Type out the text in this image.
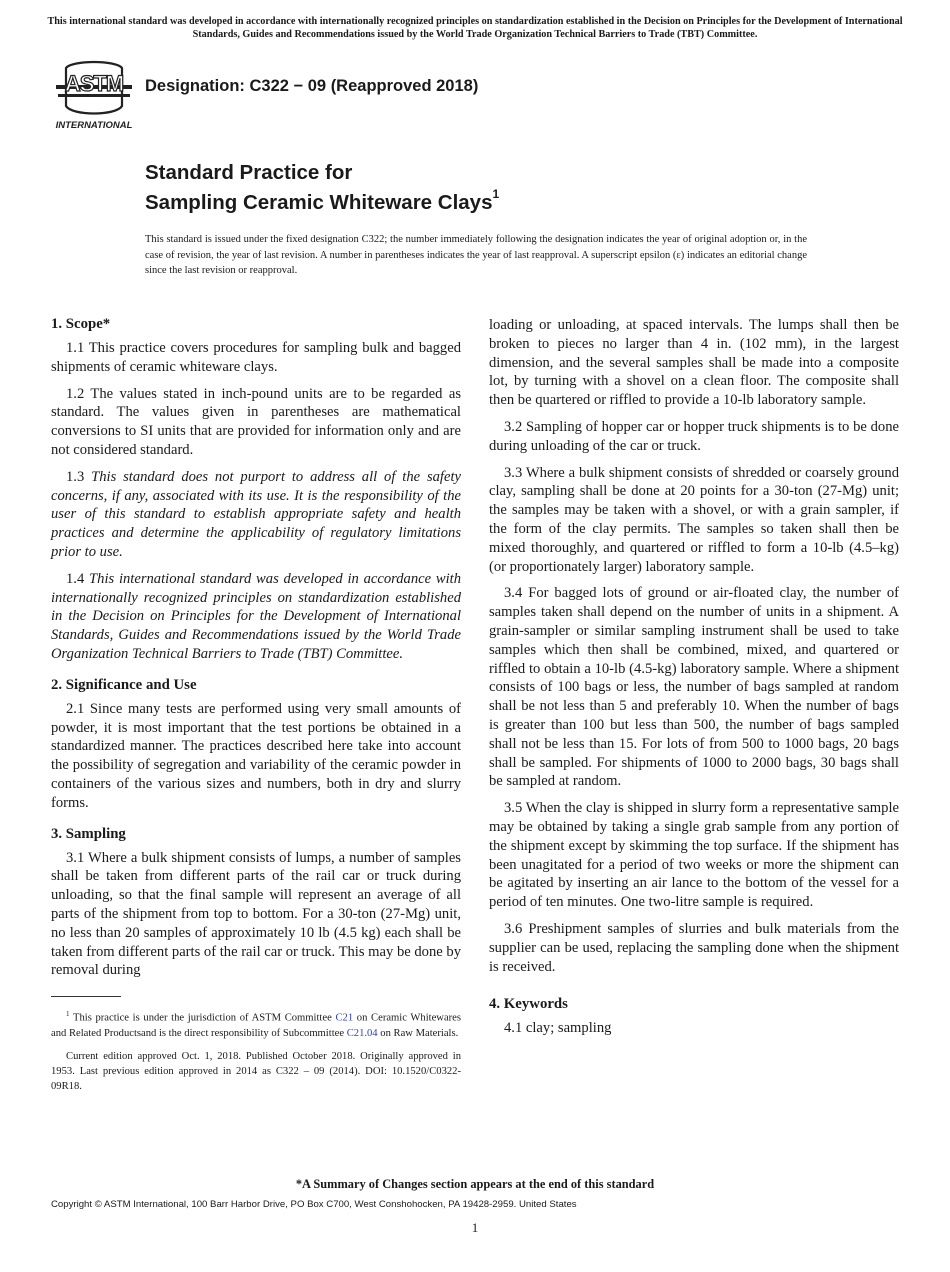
This international standard was developed in accordance with internationally recognized principles on standardization established in the Decision on Principles for the Development of International Standards, Guides and Recommendations issued by the World Trade Organization Technical Barriers to Trade (TBT) Committee.
ASTM
INTERNATIONAL
Designation: C322 − 09 (Reapproved 2018)
Standard Practice for
Sampling Ceramic Whiteware Clays$^1$
This standard is issued under the fixed designation C322; the number immediately following the designation indicates the year of original adoption or, in the case of revision, the year of last revision. A number in parentheses indicates the year of last reapproval. A superscript epsilon (ε) indicates an editorial change since the last revision or reapproval.
1. Scope*

1.1 This practice covers procedures for sampling bulk and bagged shipments of ceramic whiteware clays.

1.2 The values stated in inch-pound units are to be regarded as standard. The values given in parentheses are mathematical conversions to SI units that are provided for information only and are not considered standard.

1.3 This standard does not purport to address all of the safety concerns, if any, associated with its use. It is the responsibility of the user of this standard to establish appropriate safety and health practices and determine the applicability of regulatory limitations prior to use.

1.4 This international standard was developed in accordance with internationally recognized principles on standardization established in the Decision on Principles for the Development of International Standards, Guides and Recommendations issued by the World Trade Organization Technical Barriers to Trade (TBT) Committee.

2. Significance and Use

2.1 Since many tests are performed using very small amounts of powder, it is most important that the test portions be obtained in a standardized manner. The practices described here take into account the possibility of segregation and variability of the ceramic powder in containers of the various sizes and numbers, both in dry and slurry forms.

3. Sampling

3.1 Where a bulk shipment consists of lumps, a number of samples shall be taken from different parts of the rail car or truck during unloading, so that the final sample will represent an average of all parts of the shipment from top to bottom. For a 30-ton (27-Mg) unit, no less than 20 samples of approximately 10 lb (4.5 kg) each shall be taken from different parts of the rail car or truck. This may be done by removal during

$^1$ This practice is under the jurisdiction of ASTM Committee C21 on Ceramic Whitewares and Related Productsand is the direct responsibility of Subcommittee C21.04 on Raw Materials.

Current edition approved Oct. 1, 2018. Published October 2018. Originally approved in 1953. Last previous edition approved in 2014 as C322 – 09 (2014). DOI: 10.1520/C0322-09R18.

loading or unloading, at spaced intervals. The lumps shall then be broken to pieces no larger than 4 in. (102 mm), in the largest dimension, and the several samples shall be made into a composite lot, by turning with a shovel on a clean floor. The composite shall then be quartered or riffled to provide a 10-lb laboratory sample.

3.2 Sampling of hopper car or hopper truck shipments is to be done during unloading of the car or truck.

3.3 Where a bulk shipment consists of shredded or coarsely ground clay, sampling shall be done at 20 points for a 30-ton (27-Mg) unit; the samples may be taken with a shovel, or with a grain sampler, if the form of the clay permits. The samples so taken shall then be mixed thoroughly, and quartered or riffled to form a 10-lb (4.5–kg) (or proportionately larger) laboratory sample.

3.4 For bagged lots of ground or air-floated clay, the number of samples taken shall depend on the number of units in a shipment. A grain-sampler or similar sampling instrument shall be used to take samples which then shall be combined, mixed, and quartered or riffled to obtain a 10-lb (4.5-kg) laboratory sample. Where a shipment consists of 100 bags or less, the number of bags sampled at random shall be not less than 5 and preferably 10. When the number of bags is greater than 100 but less than 500, the number of bags sampled shall not be less than 15. For lots of from 500 to 1000 bags, 20 bags shall be sampled. For shipments of 1000 to 2000 bags, 30 bags shall be sampled at random.

3.5 When the clay is shipped in slurry form a representative sample may be obtained by taking a single grab sample from any portion of the shipment except by skimming the top surface. If the shipment has been unagitated for a period of two weeks or more the shipment can be agitated by inserting an air lance to the bottom of the vessel for a period of ten minutes. One two-litre sample is required.

3.6 Preshipment samples of slurries and bulk materials from the supplier can be used, replacing the sampling done when the shipment is received.

4. Keywords

4.1 clay; sampling

*A Summary of Changes section appears at the end of this standard
Copyright © ASTM International, 100 Barr Harbor Drive, PO Box C700, West Conshohocken, PA 19428-2959. United States
1
